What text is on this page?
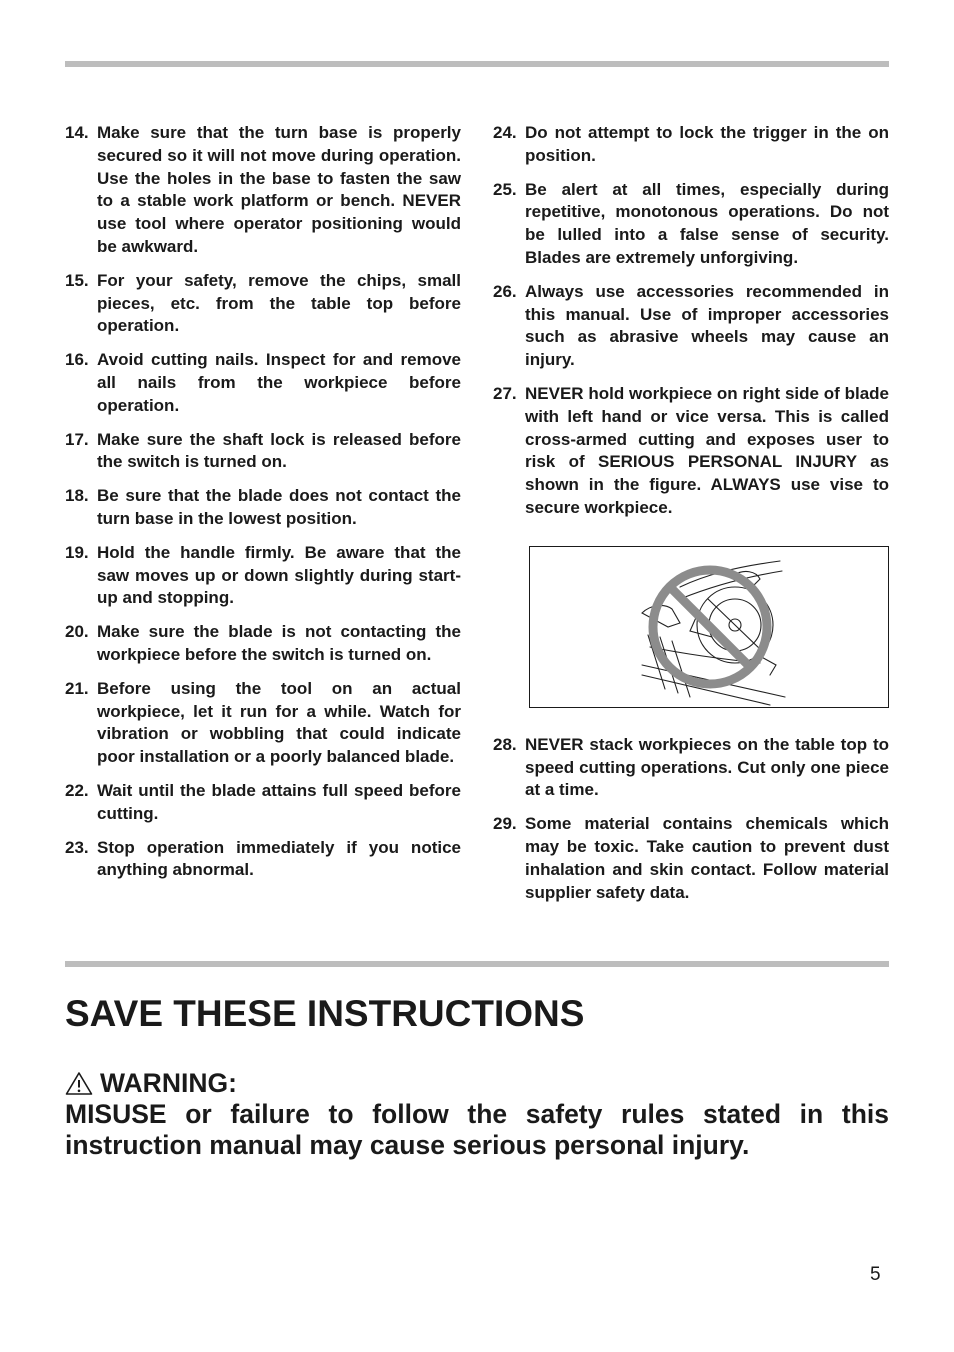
14. Make sure that the turn base is properly secured so it will not move during operation. Use the holes in the base to fasten the saw to a stable work platform or bench. NEVER use tool where operator positioning would be awkward.
15. For your safety, remove the chips, small pieces, etc. from the table top before operation.
16. Avoid cutting nails. Inspect for and remove all nails from the workpiece before operation.
17. Make sure the shaft lock is released before the switch is turned on.
18. Be sure that the blade does not contact the turn base in the lowest position.
19. Hold the handle firmly. Be aware that the saw moves up or down slightly during start-up and stopping.
20. Make sure the blade is not contacting the workpiece before the switch is turned on.
21. Before using the tool on an actual workpiece, let it run for a while. Watch for vibration or wobbling that could indicate poor installation or a poorly balanced blade.
22. Wait until the blade attains full speed before cutting.
23. Stop operation immediately if you notice anything abnormal.
24. Do not attempt to lock the trigger in the on position.
25. Be alert at all times, especially during repetitive, monotonous operations. Do not be lulled into a false sense of security. Blades are extremely unforgiving.
26. Always use accessories recommended in this manual. Use of improper accessories such as abrasive wheels may cause an injury.
27. NEVER hold workpiece on right side of blade with left hand or vice versa. This is called cross-armed cutting and exposes user to risk of SERIOUS PERSONAL INJURY as shown in the figure. ALWAYS use vise to secure workpiece.
28. NEVER stack workpieces on the table top to speed cutting operations. Cut only one piece at a time.
29. Some material contains chemicals which may be toxic. Take caution to prevent dust inhalation and skin contact. Follow material supplier safety data.
SAVE THESE INSTRUCTIONS
WARNING:
MISUSE or failure to follow the safety rules stated in this instruction manual may cause serious personal injury.
5
